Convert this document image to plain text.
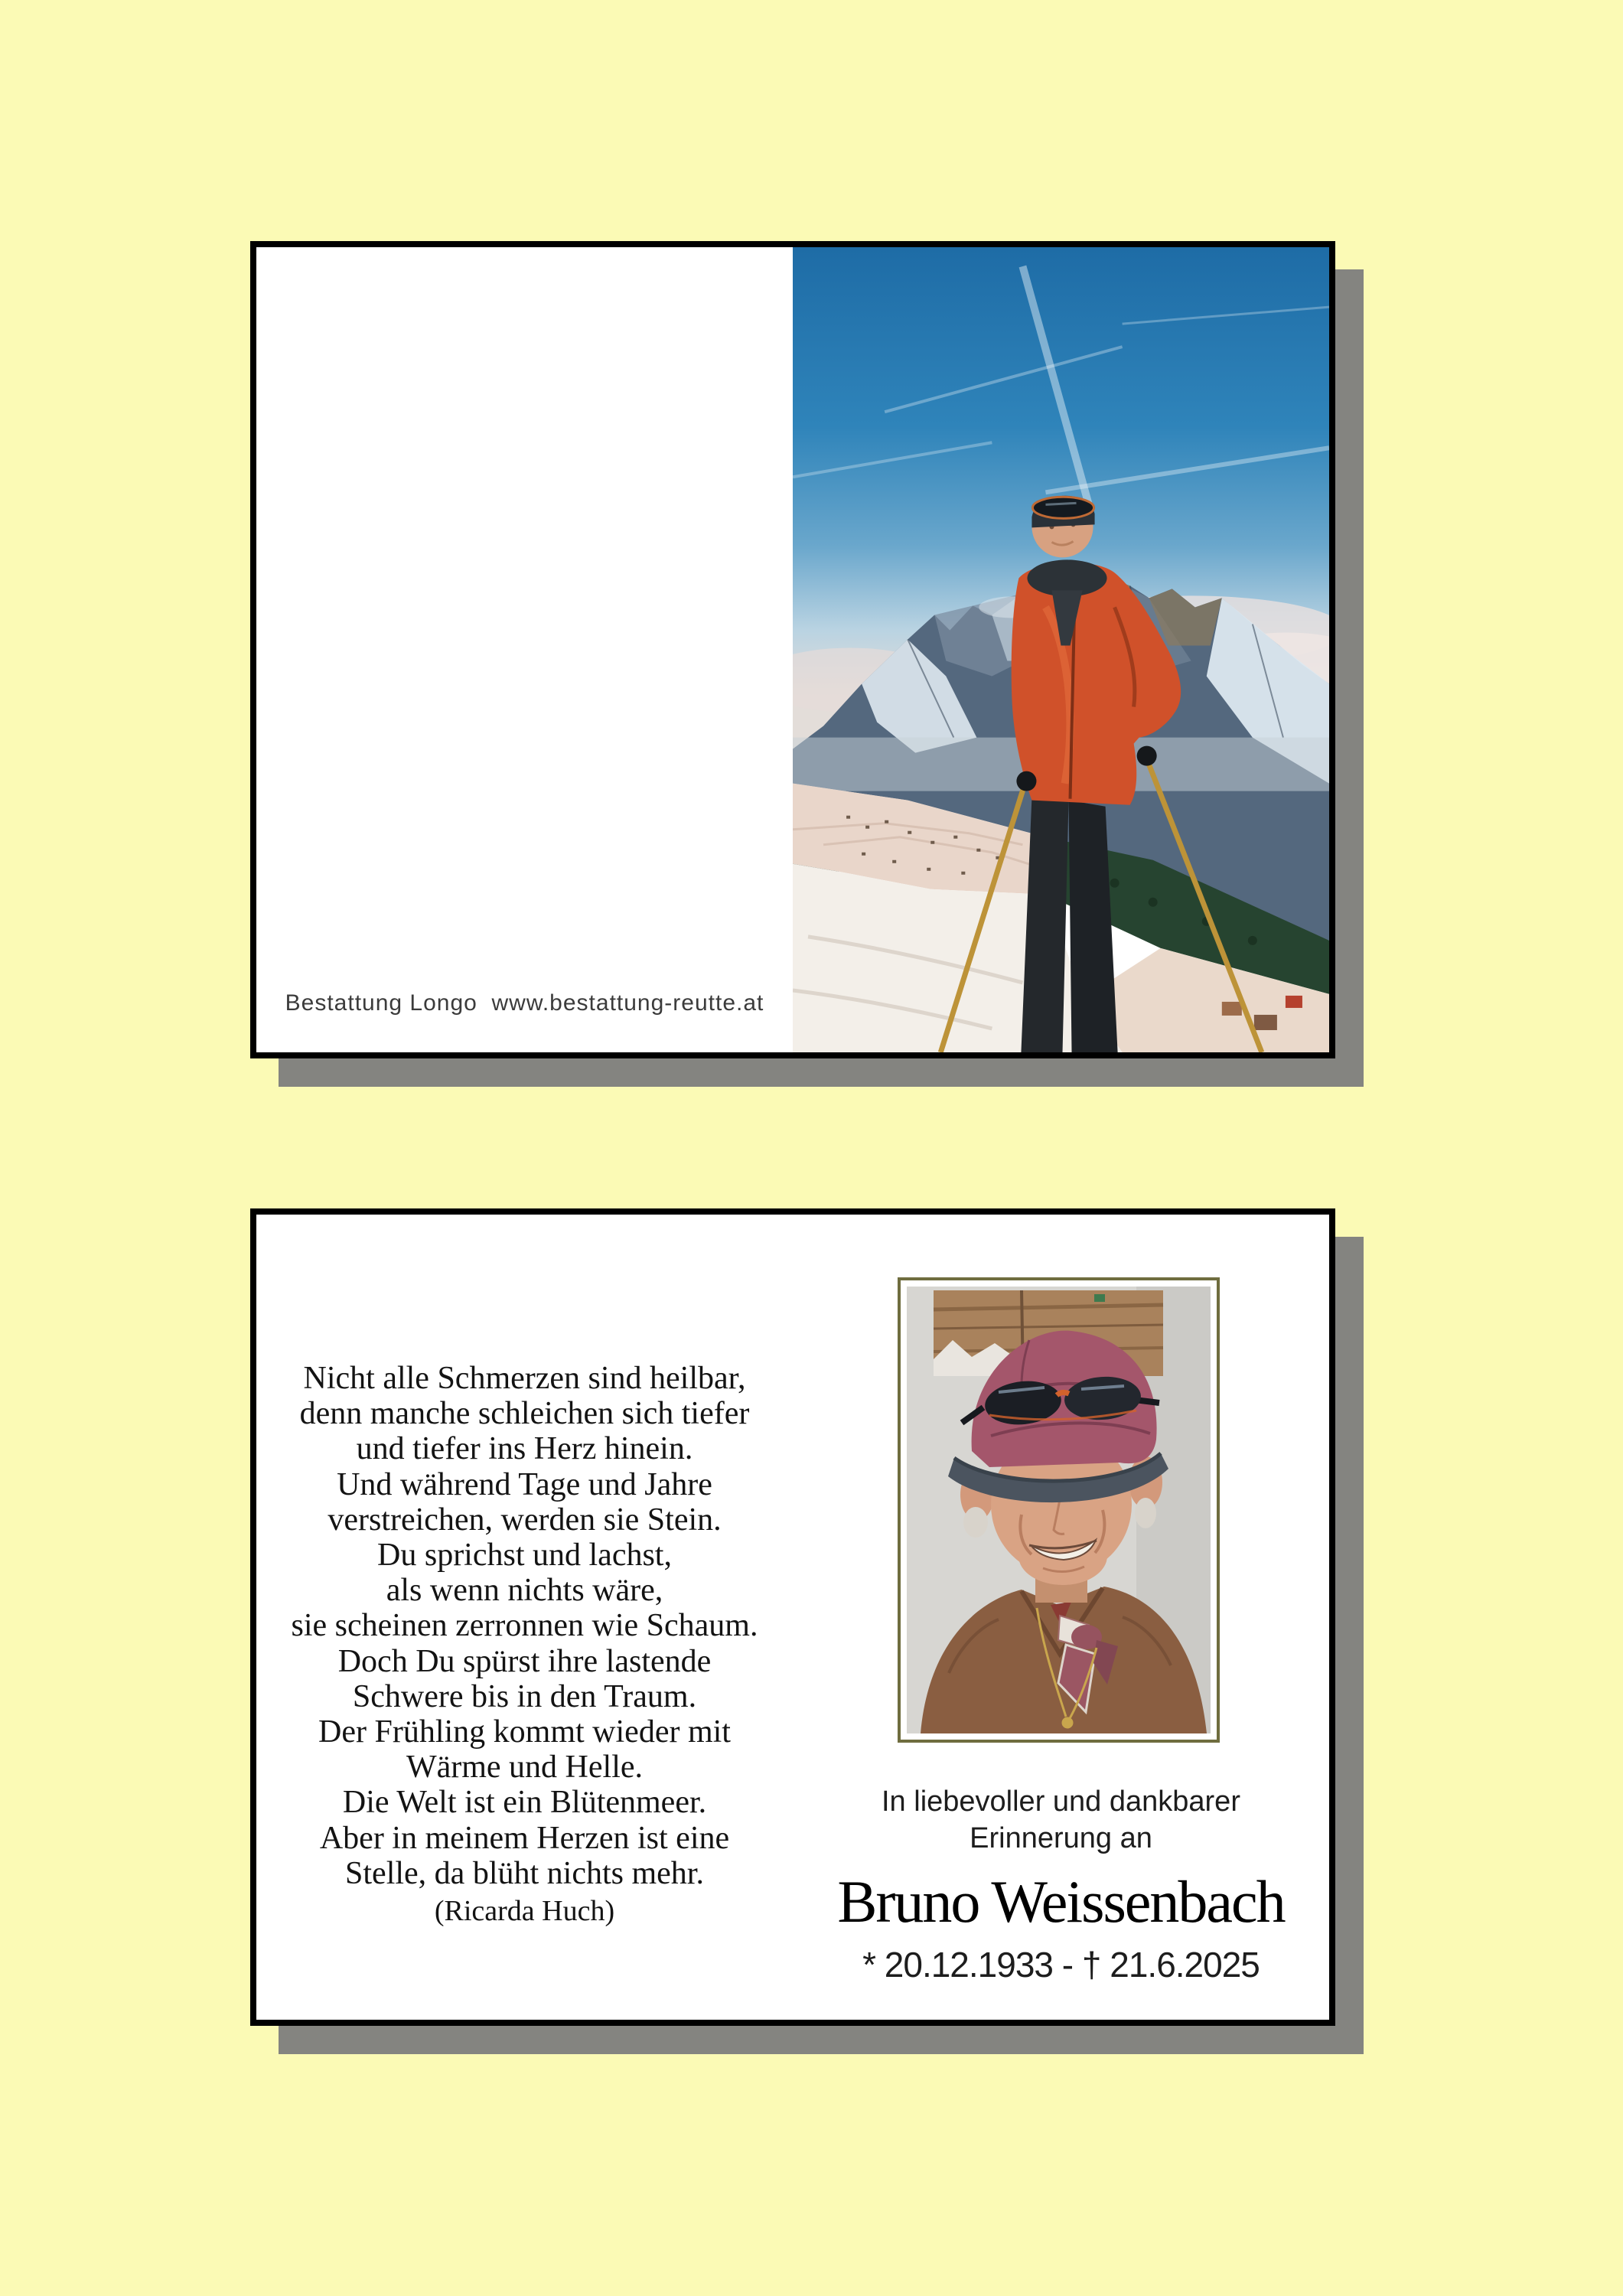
Bestattung Longo  www.bestattung-reutte.at
Nicht alle Schmerzen sind heilbar,
denn manche schleichen sich tiefer
und tiefer ins Herz hinein.
Und während Tage und Jahre
verstreichen, werden sie Stein.
Du sprichst und lachst,
als wenn nichts wäre,
sie scheinen zerronnen wie Schaum.
Doch Du spürst ihre lastende
Schwere bis in den Traum.
Der Frühling kommt wieder mit
Wärme und Helle.
Die Welt ist ein Blütenmeer.
Aber in meinem Herzen ist eine
Stelle, da blüht nichts mehr.
(Ricarda Huch)
In liebevoller und dankbarer
Erinnerung an
Bruno Weissenbach
* 20.12.1933 - † 21.6.2025
